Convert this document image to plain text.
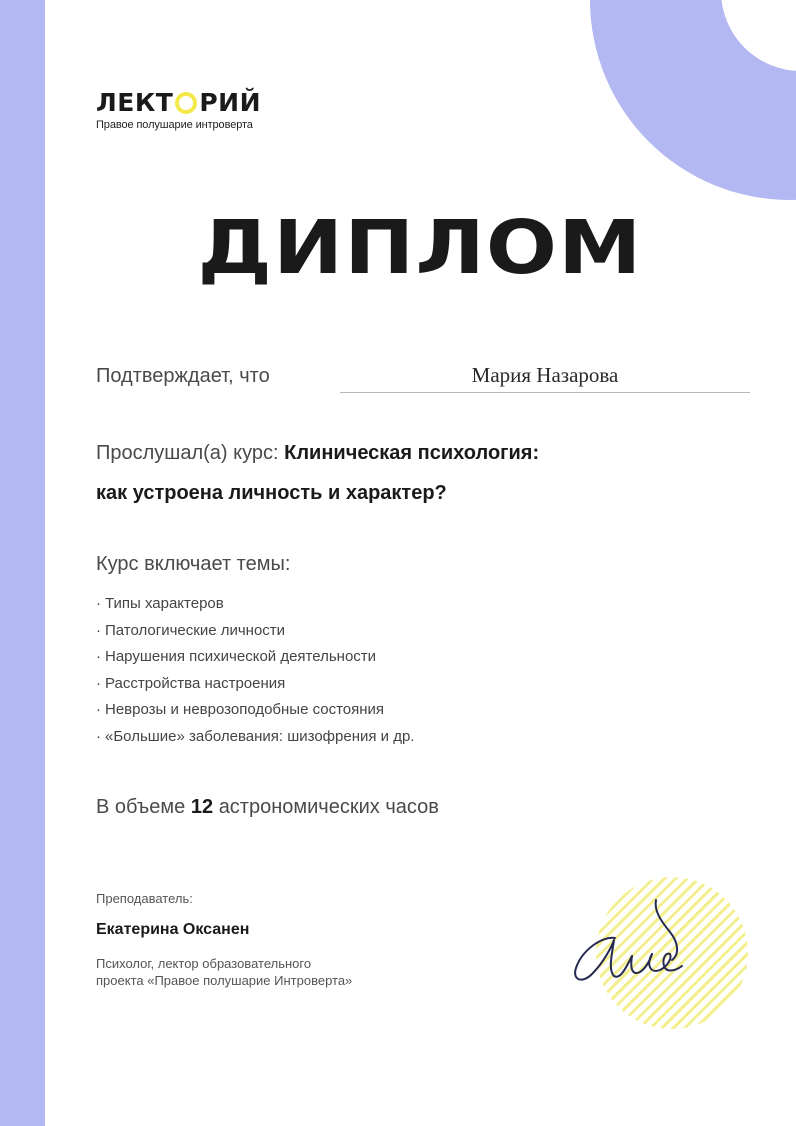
ЛЕКТ РИЙ
Правое полушарие интроверта
ДИПЛОМ
Подтверждает, что	Мария Назарова
Прослушал(а) курс: Клиническая психология:
как устроена личность и характер?
Курс включает темы:
· Типы характеров
· Патологические личности
· Нарушения психической деятельности
· Расстройства настроения
· Неврозы и неврозоподобные состояния
· «Большие» заболевания: шизофрения и др.
В объеме 12 астрономических часов
Преподаватель:
Екатерина Оксанен
Психолог, лектор образовательного
проекта «Правое полушарие Интроверта»
